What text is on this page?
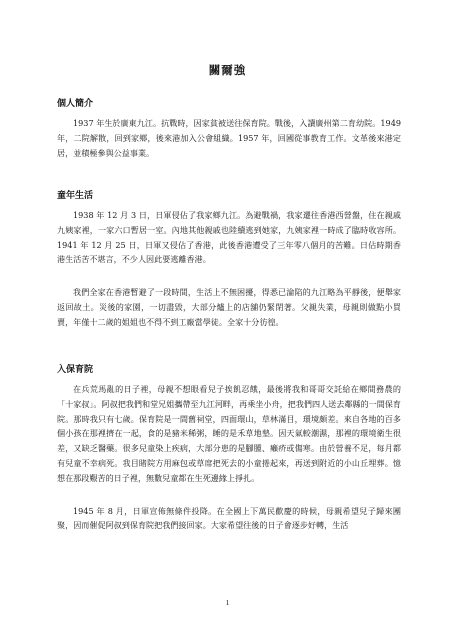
關爾強
個人簡介

1937 年生於廣東九江。抗戰時，因家貧被送往保育院。戰後，入讀廣州第二育幼院。1949 年，二院解散，回到家鄉，後來港加入公會組織。1957 年，回國從事教育工作。文革後來港定居，並積極參與公益事業。

童年生活

1938 年 12 月 3 日，日軍侵佔了我家鄉九江。為避戰禍，我家遷往香港西營盤，住在親戚九姨家裡，一家六口暫居一室。內地其他親戚也陸續逃到她家，九姨家裡一時成了臨時收容所。1941 年 12 月 25 日，日軍又侵佔了香港，此後香港遭受了三年零八個月的苦難。日佔時期香港生活苦不堪言，不少人因此要逃離香港。

我們全家在香港暫避了一段時間，生活上不無困擾，得悉已淪陷的九江略為平靜後，便舉家返回故土。災後的家園，一切盡毀，大部分爐上的店舖仍緊閉著。父親失業，母親則做點小買賣，年僅十二歲的姐姐也不得不到工廠當學徒。全家十分彷徨。

入保育院

在兵荒馬亂的日子裡，母親不想眼看兒子挨飢忍餓，最後將我和哥哥交託給在鄉間務農的「十家叔」。阿叔把我們和堂兄姐攜帶至九江河畔，再乘坐小舟，把我們四人送去鄰縣的一間保育院。那時我只有七歲。保育院是一間舊祠堂，四面環山，草林滿目，環境頗差。來自各地的百多個小孩在那裡擠在一起，食的是豬米稀粥，睡的是禾草地墊。因天氣較潮濕，那裡的環境衛生很差，又缺乏醫藥。很多兒童染上疾病，大部分患的是腳腫、癩疥或傷寒。由於營養不足，每月都有兒童不幸病死。我目睹院方用麻包或草席把死去的小童捲起來，再送到附近的小山丘埋葬。憶想在那段艱苦的日子裡，無數兒童都在生死邊緣上掙扎。

1945 年 8 月，日軍宣佈無條件投降。在全國上下萬民歡慶的時候，母親希望兒子歸來團聚，因而催促阿叔到保育院把我們接回家。大家希望往後的日子會逐步好轉，生活

1
